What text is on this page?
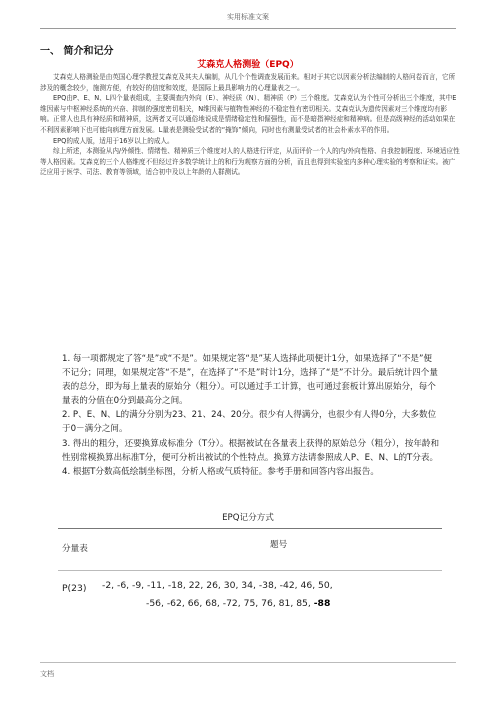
实用标准文案
一、 简介和记分
艾森克人格测验（EPQ）

艾森克人格测验是由英国心理学教授艾森克及其夫人编制，从几个个性调查发展而来。相对于其它以因素分析法编制的人格问卷而言，它所涉及的概念较少，施测方便，有较好的信度和效度，是国际上最具影响力的心理量表之一。

EPQ由P、E、N、L四个量表组成，主要调查内外向（E）、神经质（N）、精神质（P）三个维度。艾森克认为个性可分析出三个维度，其中E维因素与中枢神经系统的兴奋、抑制的强度密切相关，N维因素与植物性神经的不稳定性有密切相关。艾森克认为遗传因素对三个维度均有影响。正常人也具有神经质和精神质，这两者又可以通俗地说成是情绪稳定性和倔强性，而不是暗指神经症和精神病。但是高级神经的活动如果在不利因素影响下也可能向病理方面发展。L量表是测验受试者的“掩饰”倾向，同时也有测量受试者的社会朴素水平的作用。

EPQ的成人版，适用于16岁以上的成人。

综上所述，本测验从内/外倾性、情绪性、精神质三个维度对人的人格进行评定，从而评价一个人的内/外向性格、自我控制程度、环境适应性等人格因素。艾森克的三个人格维度不但经过许多数学统计上的和行为观察方面的分析，而且也得到实验室内多种心理实验的考察和证实。被广泛应用于医学、司法、教育等领域，适合初中及以上年龄的人群测试。

1. 每一项都规定了答“是”或“不是”。如果规定答“是”某人选择此项便计1分，如果选择了“不是”便不记分；同理，如果规定答“不是”，在选择了“不是”时计1分，选择了“是”不计分。最后统计四个量表的总分，即为每上量表的原始分（粗分）。可以通过手工计算，也可通过套板计算出原始分，每个量表的分值在0分到最高分之间。

2. P、E、N、L的满分分别为23、21、24、20分。很少有人得满分，也很少有人得0分，大多数位于0－满分之间。

3. 得出的粗分，还要换算成标准分（T分）。根据被试在各量表上获得的原始总分（粗分），按年龄和性别常模换算出标准T分，便可分析出被试的个性特点。换算方法请参照成人P、E、N、L的T分表。

4. 根据T分数高低绘制坐标图，分析人格或气质特征。参考手册和回答内容出报告。

EPQ记分方式
分量表	题号
P(23) -2, -6, -9, -11, -18, 22, 26, 30, 34, -38, -42, 46, 50,
-56, -62, 66, 68, -72, 75, 76, 81, 85, -88
文档
